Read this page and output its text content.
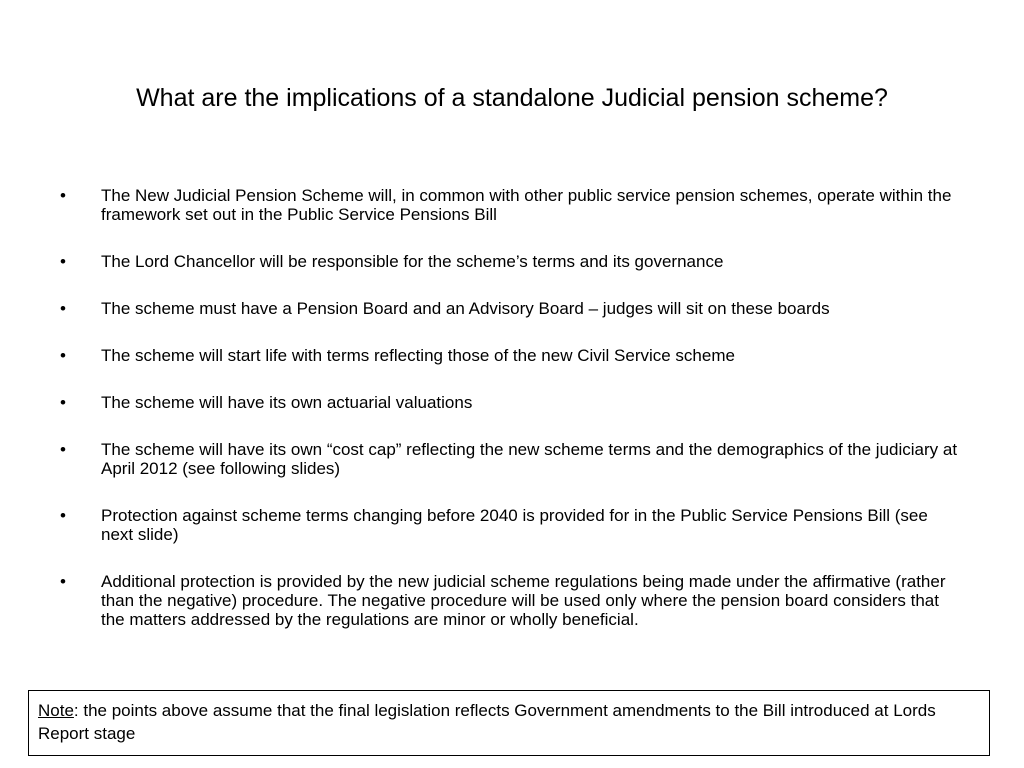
What are the implications of a standalone Judicial pension scheme?
• The New Judicial Pension Scheme will, in common with other public service pension schemes, operate within the framework set out in the Public Service Pensions Bill
• The Lord Chancellor will be responsible for the scheme’s terms and its governance
• The scheme must have a Pension Board and an Advisory Board – judges will sit on these boards
• The scheme will start life with terms reflecting those of the new Civil Service scheme
• The scheme will have its own actuarial valuations
• The scheme will have its own “cost cap” reflecting the new scheme terms and the demographics of the judiciary at April 2012 (see following slides)
• Protection against scheme terms changing before 2040 is provided for in the Public Service Pensions Bill (see next slide)
• Additional protection is provided by the new judicial scheme regulations being made under the affirmative (rather than the negative) procedure. The negative procedure will be used only where the pension board considers that the matters addressed by the regulations are minor or wholly beneficial.
Note: the points above assume that the final legislation reflects Government amendments to the Bill introduced at Lords Report stage
